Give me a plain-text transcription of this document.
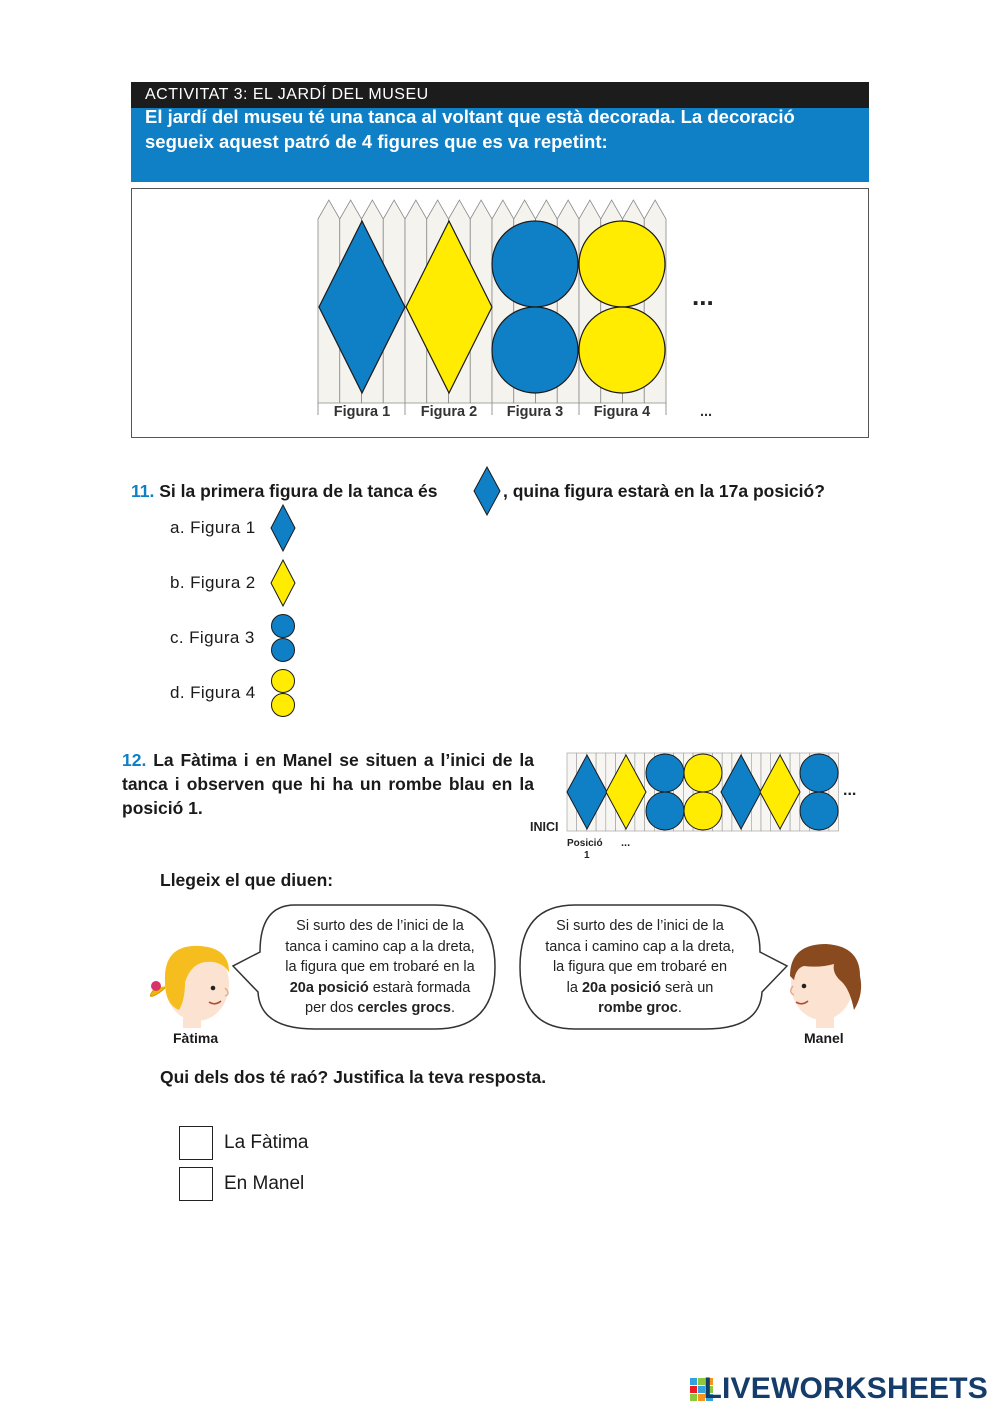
ACTIVITAT 3: EL JARDÍ DEL MUSEU
El jardí del museu té una tanca al voltant que està decorada. La decoració segueix aquest patró de 4 figures que es va repetint:
...
Figura 1 Figura 2 Figura 3 Figura 4	...
11. Si la primera figura de la tanca és	, quina figura estarà en la 17a posició?
a. Figura 1
b. Figura 2
c. Figura 3
d. Figura 4
12. La Fàtima i en Manel se situen a l’inici de la tanca i observen que hi ha un rombe blau en la posició 1.
...
INICI
Posició
1
...
Llegeix el que diuen:
Si surto des de l’inici de la
tanca i camino cap a la dreta,
la figura que em trobaré en la
20a posició estarà formada
per dos cercles grocs.
Si surto des de l’inici de la
tanca i camino cap a la dreta,
la figura que em trobaré en
la 20a posició serà un
rombe groc.
Fàtima	Manel
Qui dels dos té raó? Justifica la teva resposta.
La Fàtima
En Manel
LIVEWORKSHEETS
